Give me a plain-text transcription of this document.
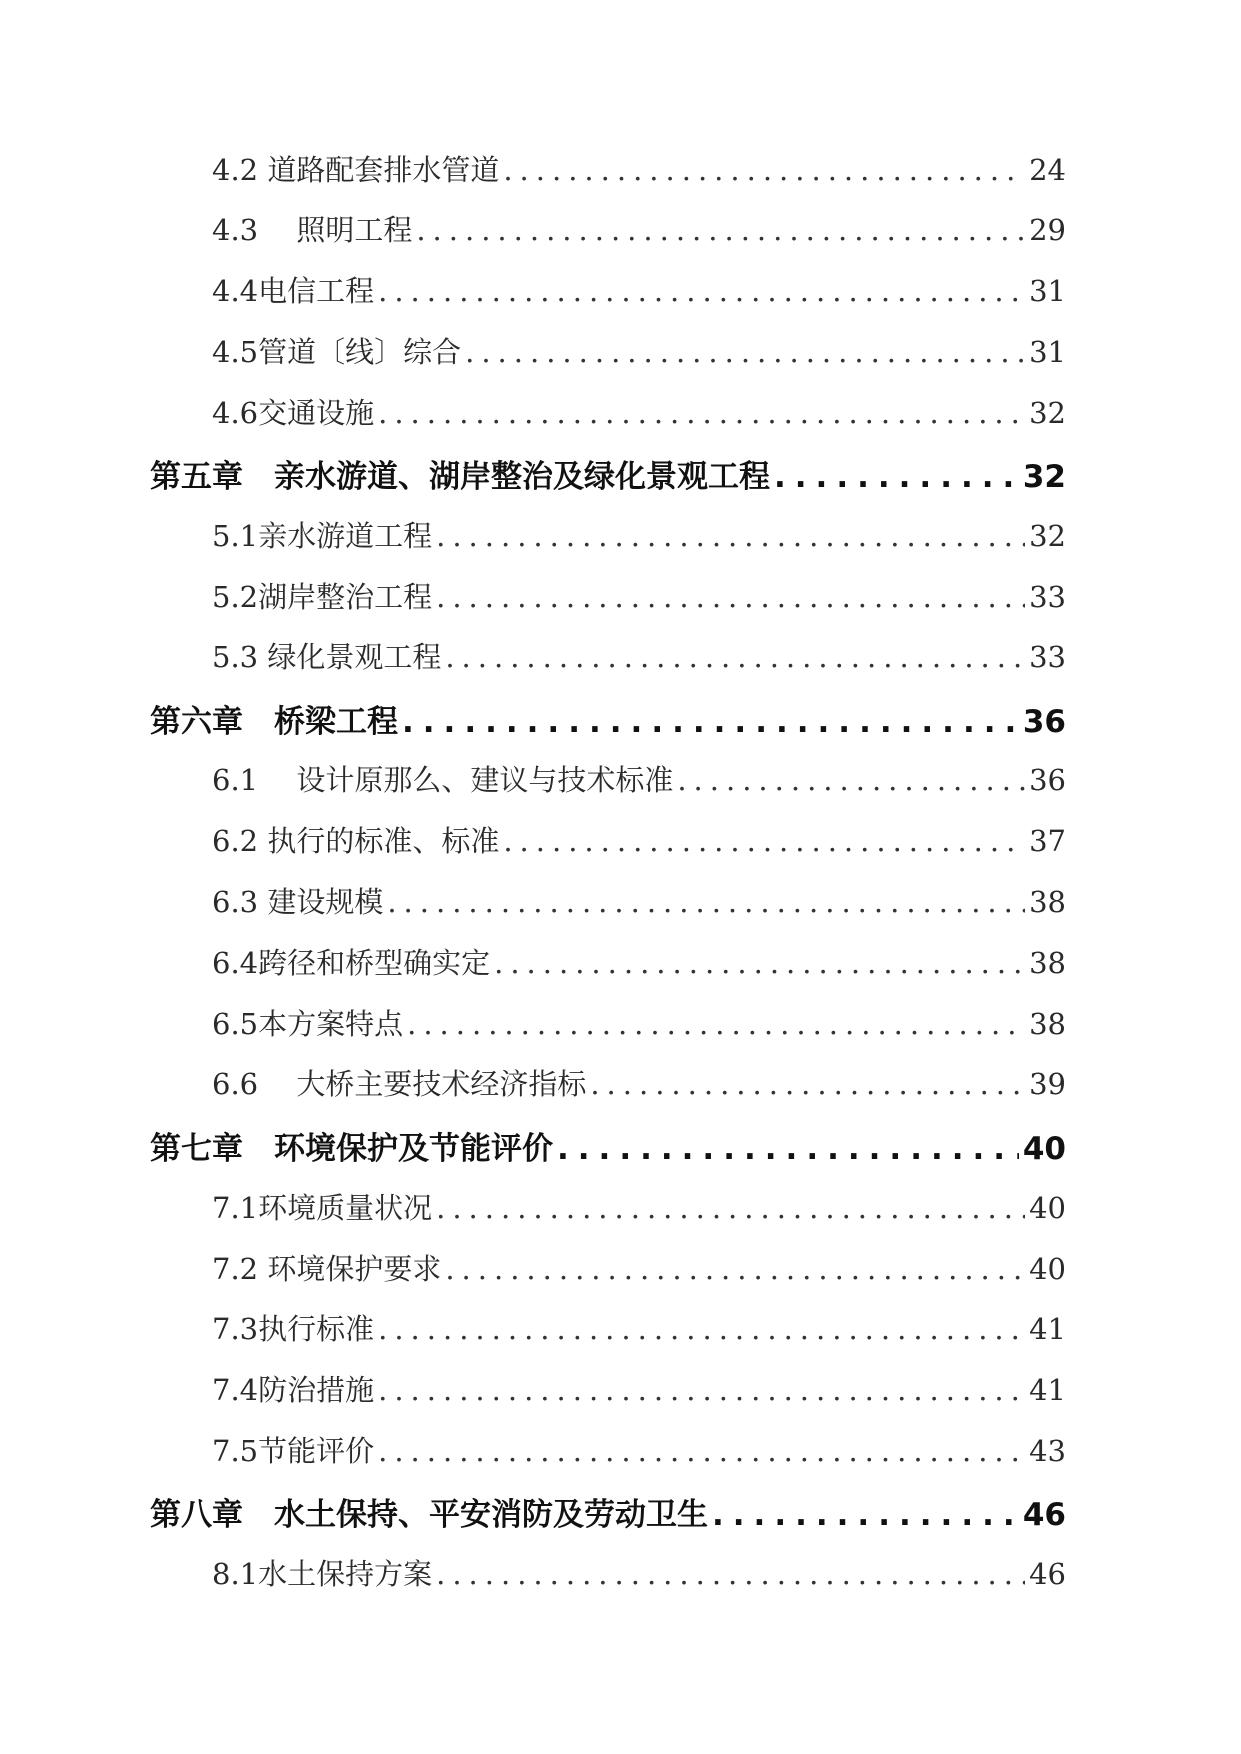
4.2 道路配套排水管道 .....	24
4.3　 照明工程 .....	29
4.4电信工程 .....	31
4.5管道〔线〕综合 .....	31
4.6交通设施 .....	32
第五章　亲水游道、湖岸整治及绿化景观工程 .....	32
5.1亲水游道工程 .....	32
5.2湖岸整治工程 .....	33
5.3 绿化景观工程 .....	33
第六章　桥梁工程 .....	36
6.1　 设计原那么、建议与技术标准 .....	36
6.2 执行的标准、标准 .....	37
6.3 建设规模 .....	38
6.4跨径和桥型确实定 .....	38
6.5本方案特点 .....	38
6.6　 大桥主要技术经济指标 .....	39
第七章　环境保护及节能评价 .....	40
7.1环境质量状况 .....	40
7.2 环境保护要求 .....	40
7.3执行标准 .....	41
7.4防治措施 .....	41
7.5节能评价 .....	43
第八章　水土保持、平安消防及劳动卫生 .....	46
8.1水土保持方案 .....	46
